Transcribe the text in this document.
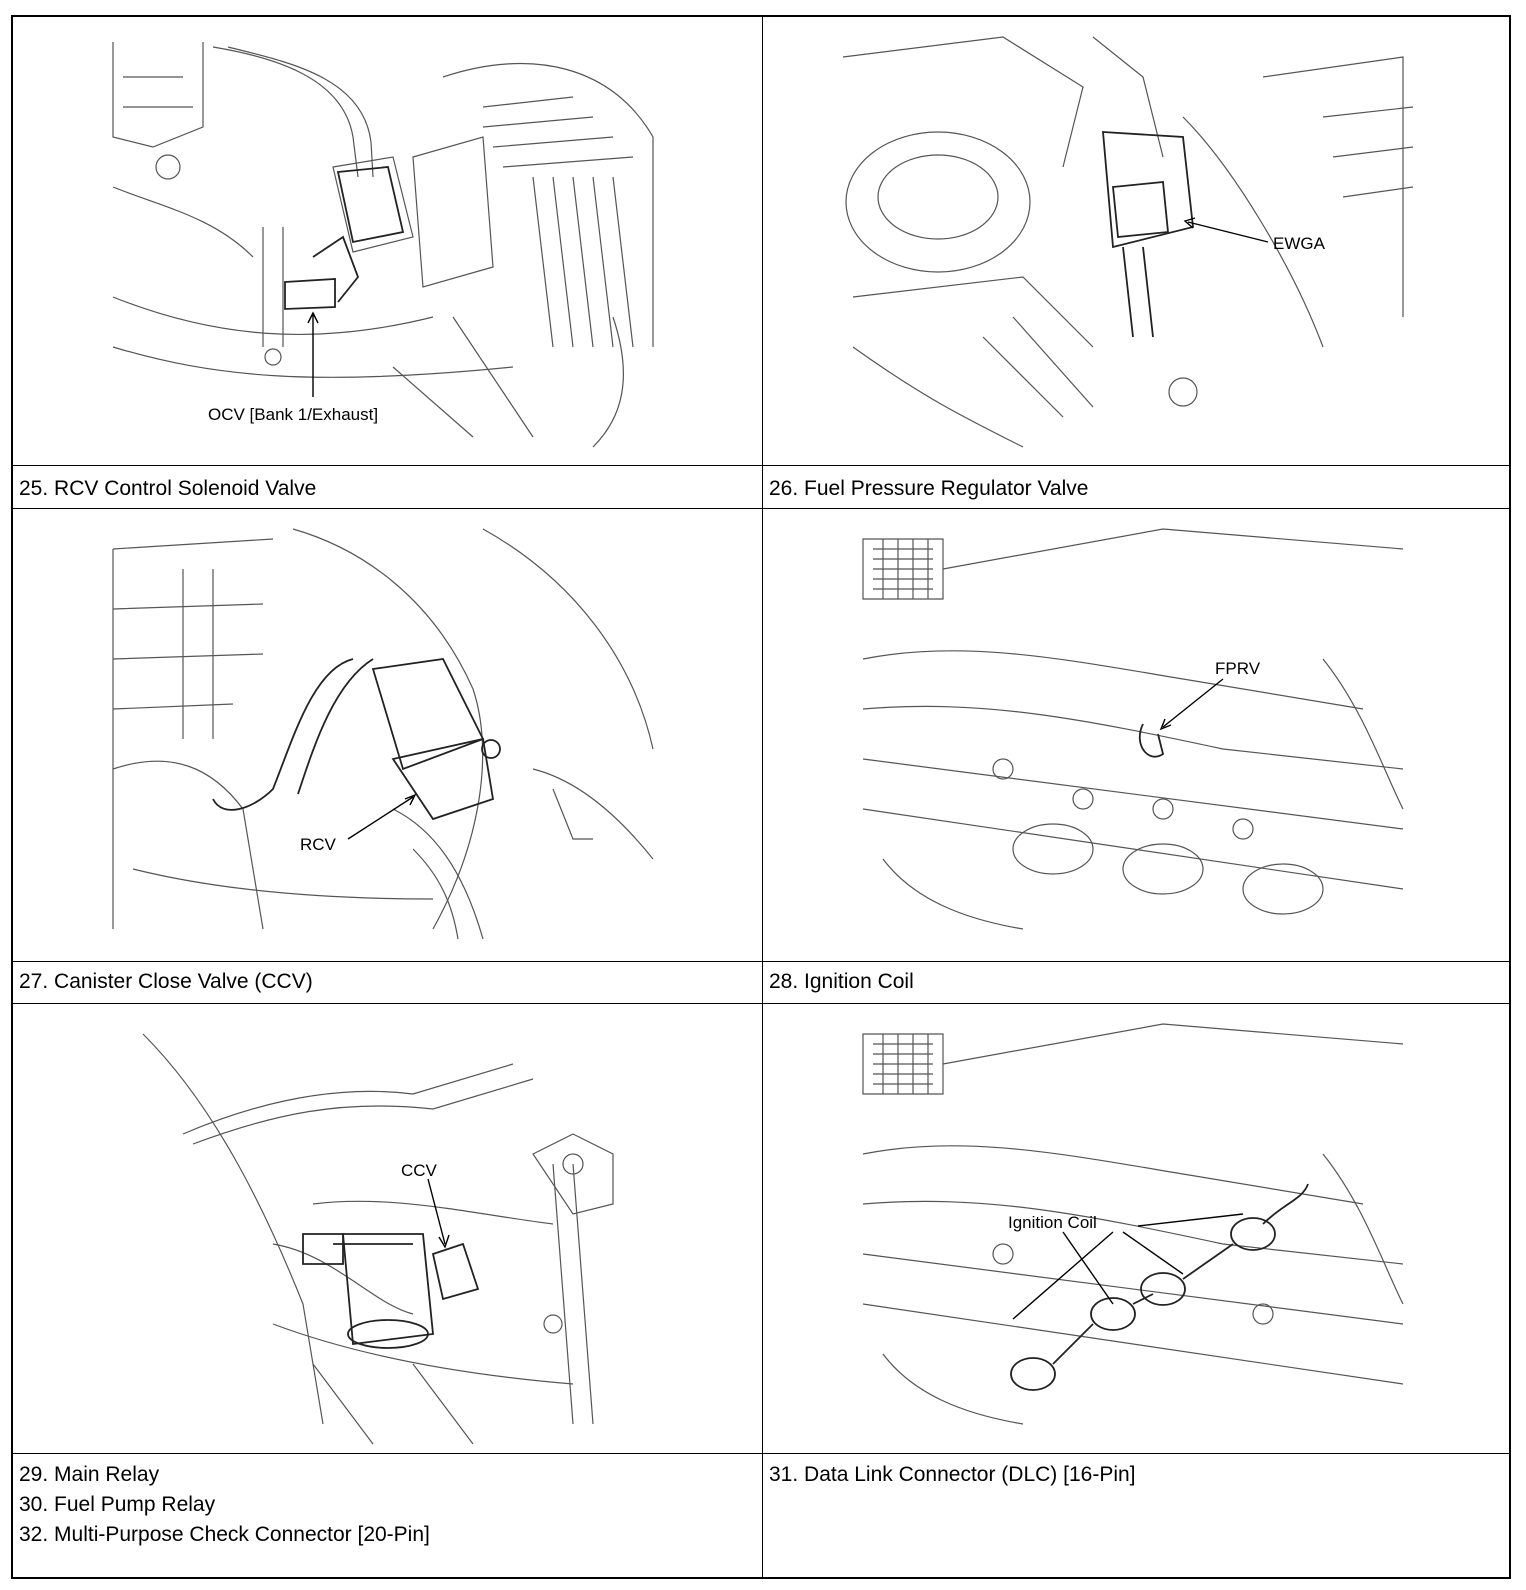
OCV [Bank 1/Exhaust]
EWGA
25. RCV Control Solenoid Valve	26. Fuel Pressure Regulator Valve
RCV
FPRV
27. Canister Close Valve (CCV)	28. Ignition Coil
CCV
Ignition Coil
29. Main Relay
30. Fuel Pump Relay
32. Multi-Purpose Check Connector [20-Pin]
31. Data Link Connector (DLC) [16-Pin]
